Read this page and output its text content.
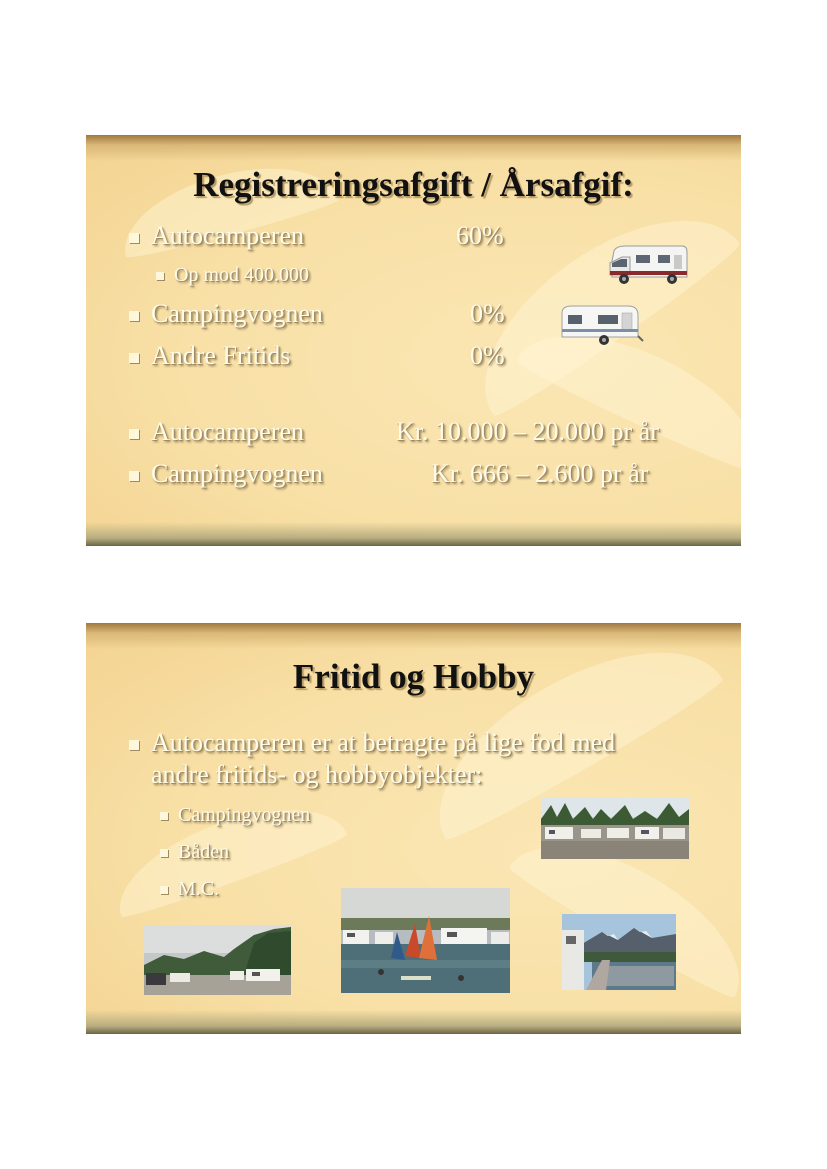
Registreringsafgift / Årsafgif:
Autocamperen	60%
Op mod 400.000
Campingvognen	0%
Andre Fritids	0%
Autocamperen	Kr. 10.000 – 20.000 pr år
Campingvognen	Kr. 666 – 2.600 pr år
Fritid og Hobby
Autocamperen er at betragte på lige fod med
andre fritids- og hobbyobjekter:
Campingvognen
Båden
M.C.
